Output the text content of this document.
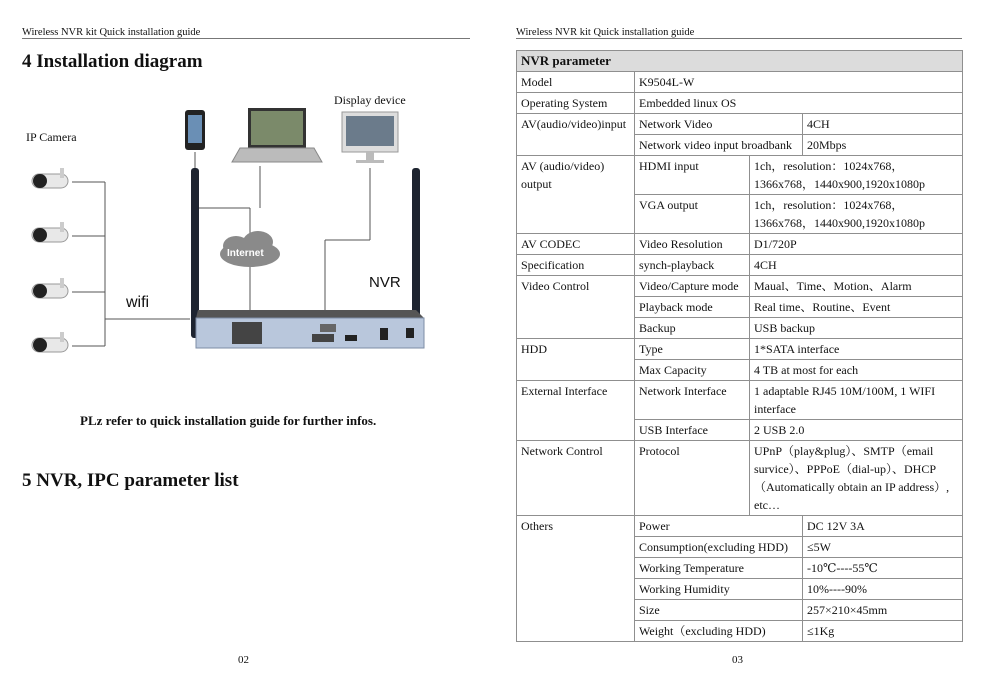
Wireless NVR kit Quick installation guide
4 Installation diagram
IP Camera
Display device
Internet
NVR
wifi
PLz refer to quick installation guide for further infos.
5 NVR, IPC parameter list
02
Wireless NVR kit Quick installation guide
NVR parameter			
Model	K9504L-W		
Operating System	Embedded linux OS		
AV(audio/video)input	Network Video		4CH
	Network video input broadbank		20Mbps
AV (audio/video) output	HDMI input	1ch，resolution：1024x768，1366x768，1440x900,1920x1080p	
	VGA output	1ch，resolution：1024x768，1366x768，1440x900,1920x1080p	
AV CODEC	Video Resolution	D1/720P	
Specification	synch-playback	4CH	
Video Control	Video/Capture mode	Maual、Time、Motion、Alarm	
	Playback mode	Real time、Routine、Event	
	Backup	USB backup	
HDD	Type	1*SATA interface	
	Max Capacity	4 TB at most for each	
External Interface	Network Interface	1 adaptable RJ45 10M/100M, 1 WIFI interface	
	USB Interface	2 USB 2.0	
Network Control	Protocol	UPnP（play&plug）、SMTP（email survice）、PPPoE（dial-up）、DHCP（Automatically obtain an IP address）, etc…	
Others	Power		DC 12V 3A
	Consumption(excluding HDD)		≤5W
	Working Temperature		-10℃----55℃
	Working Humidity		10%----90%
	Size		257×210×45mm
	Weight（excluding HDD)		≤1Kg
03
